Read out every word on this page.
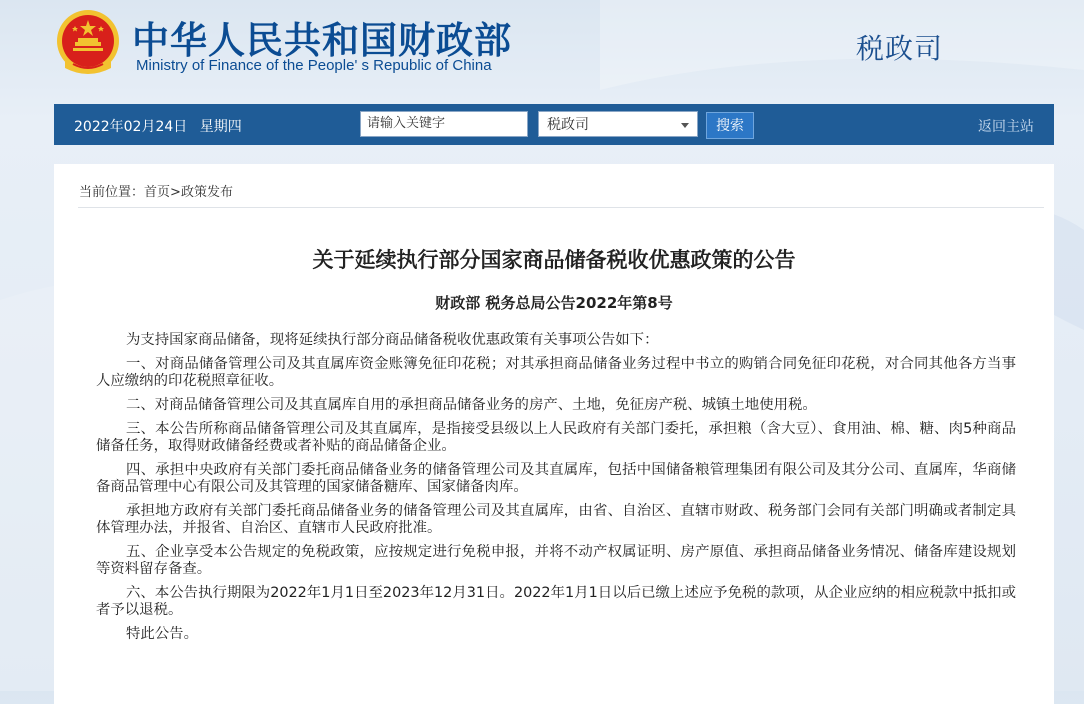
中华人民共和国财政部
Ministry of Finance of the People' s Republic of China
税政司
2022年02月24日 星期四	请输入关键字	税政司	搜索	返回主站
当前位置：首页>政策发布
关于延续执行部分国家商品储备税收优惠政策的公告
财政部 税务总局公告2022年第8号

为支持国家商品储备，现将延续执行部分商品储备税收优惠政策有关事项公告如下：

一、对商品储备管理公司及其直属库资金账簿免征印花税；对其承担商品储备业务过程中书立的购销合同免征印花税，对合同其他各方当事人应缴纳的印花税照章征收。

二、对商品储备管理公司及其直属库自用的承担商品储备业务的房产、土地，免征房产税、城镇土地使用税。

三、本公告所称商品储备管理公司及其直属库，是指接受县级以上人民政府有关部门委托，承担粮（含大豆）、食用油、棉、糖、肉5种商品储备任务，取得财政储备经费或者补贴的商品储备企业。

四、承担中央政府有关部门委托商品储备业务的储备管理公司及其直属库，包括中国储备粮管理集团有限公司及其分公司、直属库，华商储备商品管理中心有限公司及其管理的国家储备糖库、国家储备肉库。

承担地方政府有关部门委托商品储备业务的储备管理公司及其直属库，由省、自治区、直辖市财政、税务部门会同有关部门明确或者制定具体管理办法，并报省、自治区、直辖市人民政府批准。

五、企业享受本公告规定的免税政策，应按规定进行免税申报，并将不动产权属证明、房产原值、承担商品储备业务情况、储备库建设规划等资料留存备查。

六、本公告执行期限为2022年1月1日至2023年12月31日。2022年1月1日以后已缴上述应予免税的款项，从企业应纳的相应税款中抵扣或者予以退税。

特此公告。
